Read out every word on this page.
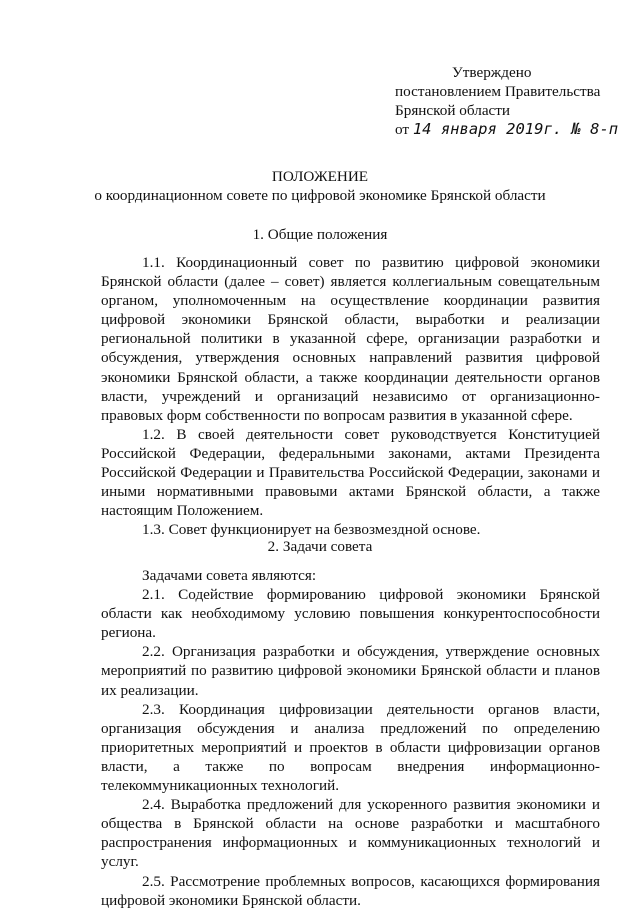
Утверждено
постановлением Правительства
Брянской области
от 14 января 2019г. № 8-п
ПОЛОЖЕНИЕ
о координационном совете по цифровой экономике Брянской области
1. Общие положения

1.1. Координационный совет по развитию цифровой экономики Брянской области (далее – совет) является коллегиальным совещательным органом, уполномоченным на осуществление координации развития цифровой экономики Брянской области, выработки и реализации региональной политики в указанной сфере, организации разработки и обсуждения, утверждения основных направлений развития цифровой экономики Брянской области, а также координации деятельности органов власти, учреждений и организаций независимо от организационно-правовых форм собственности по вопросам развития в указанной сфере.

1.2. В своей деятельности совет руководствуется Конституцией Российской Федерации, федеральными законами, актами Президента Российской Федерации и Правительства Российской Федерации, законами и иными нормативными правовыми актами Брянской области, а также настоящим Положением.

1.3. Совет функционирует на безвозмездной основе.

2. Задачи совета

Задачами совета являются:

2.1. Содействие формированию цифровой экономики Брянской области как необходимому условию повышения конкурентоспособности региона.

2.2. Организация разработки и обсуждения, утверждение основных мероприятий по развитию цифровой экономики Брянской области и планов их реализации.

2.3. Координация цифровизации деятельности органов власти, организация обсуждения и анализа предложений по определению приоритетных мероприятий и проектов в области цифровизации органов власти, а также по вопросам внедрения информационно-телекоммуникационных технологий.

2.4. Выработка предложений для ускоренного развития экономики и общества в Брянской области на основе разработки и масштабного распространения информационных и коммуникационных технологий и услуг.

2.5. Рассмотрение проблемных вопросов, касающихся формирования цифровой экономики Брянской области.
